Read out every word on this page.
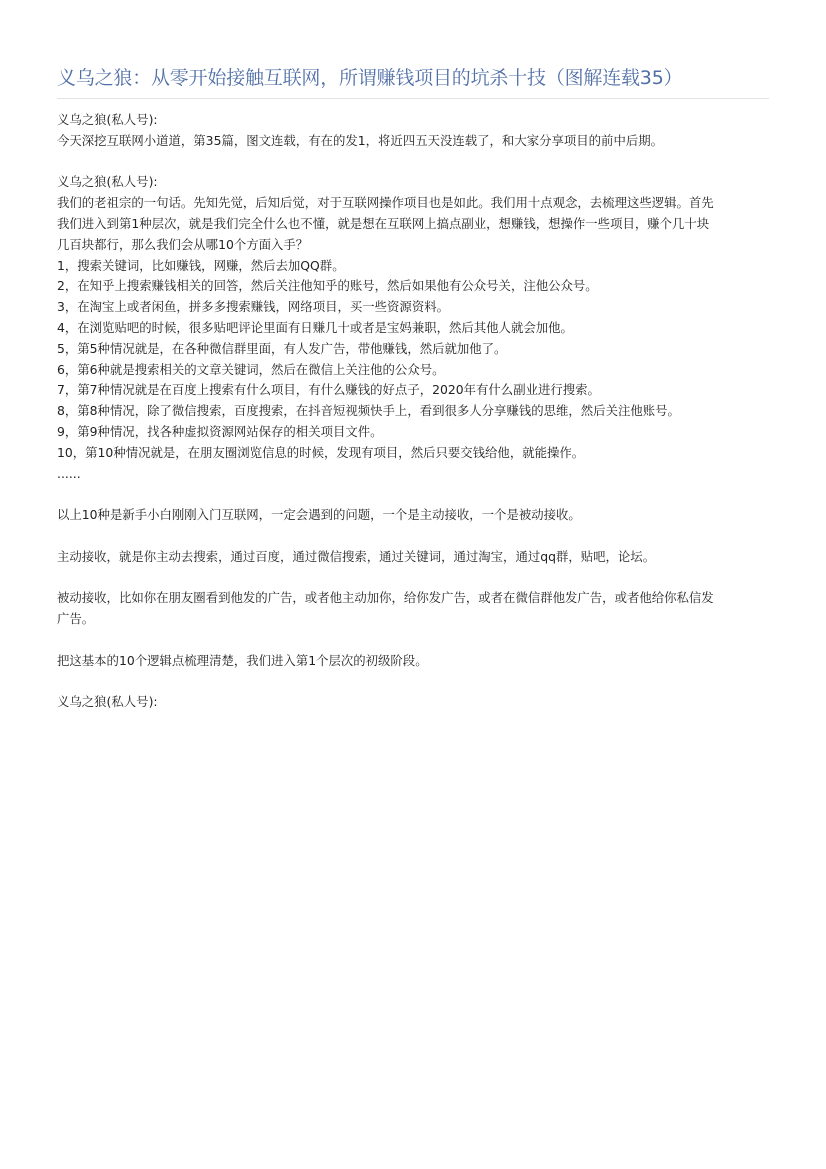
义乌之狼：从零开始接触互联网，所谓赚钱项目的坑杀十技（图解连载35）
义乌之狼(私人号):
今天深挖互联网小道道，第35篇，图文连载，有在的发1，将近四五天没连载了，和大家分享项目的前中后期。
义乌之狼(私人号):
我们的老祖宗的一句话。先知先觉，后知后觉，对于互联网操作项目也是如此。我们用十点观念，去梳理这些逻辑。首先
我们进入到第1种层次，就是我们完全什么也不懂，就是想在互联网上搞点副业，想赚钱，想操作一些项目，赚个几十块
几百块都行，那么我们会从哪10个方面入手？
1，搜索关键词，比如赚钱，网赚，然后去加QQ群。
2，在知乎上搜索赚钱相关的回答，然后关注他知乎的账号，然后如果他有公众号关，注他公众号。
3，在淘宝上或者闲鱼，拼多多搜索赚钱，网络项目，买一些资源资料。
4，在浏览贴吧的时候，很多贴吧评论里面有日赚几十或者是宝妈兼职，然后其他人就会加他。
5，第5种情况就是，在各种微信群里面，有人发广告，带他赚钱，然后就加他了。
6，第6种就是搜索相关的文章关键词，然后在微信上关注他的公众号。
7，第7种情况就是在百度上搜索有什么项目，有什么赚钱的好点子，2020年有什么副业进行搜索。
8，第8种情况，除了微信搜索，百度搜索，在抖音短视频快手上，看到很多人分享赚钱的思维，然后关注他账号。
9，第9种情况，找各种虚拟资源网站保存的相关项目文件。
10，第10种情况就是，在朋友圈浏览信息的时候，发现有项目，然后只要交钱给他，就能操作。
......
以上10种是新手小白刚刚入门互联网，一定会遇到的问题，一个是主动接收，一个是被动接收。
主动接收，就是你主动去搜索，通过百度，通过微信搜索，通过关键词，通过淘宝，通过qq群，贴吧，论坛。
被动接收，比如你在朋友圈看到他发的广告，或者他主动加你，给你发广告，或者在微信群他发广告，或者他给你私信发
广告。
把这基本的10个逻辑点梳理清楚，我们进入第1个层次的初级阶段。
义乌之狼(私人号):
